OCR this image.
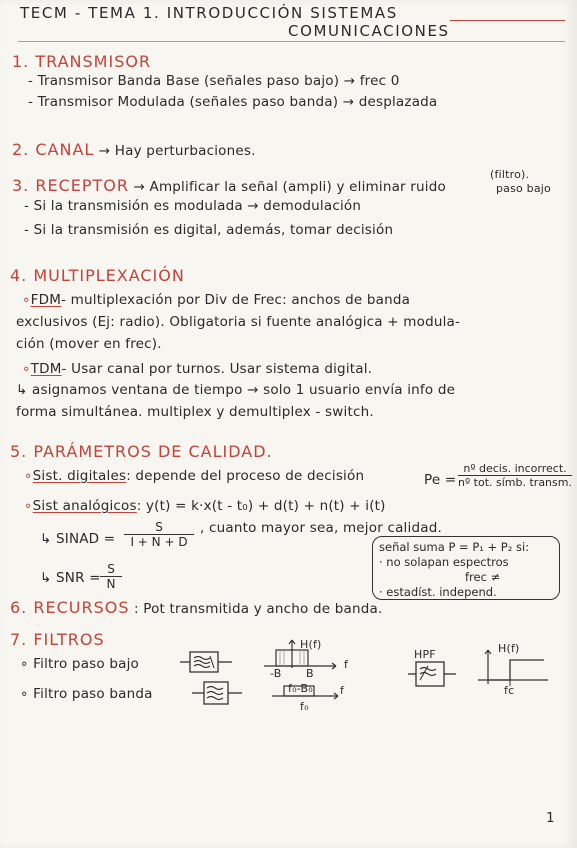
TECM - TEMA 1. INTRODUCCIÓN SISTEMAS
COMUNICACIONES
1. TRANSMISOR
- Transmisor Banda Base (señales paso bajo) → frec 0
- Transmisor Modulada (señales paso banda) → desplazada
2. CANAL → Hay perturbaciones.
3. RECEPTOR → Amplificar la señal (ampli) y eliminar ruido
(filtro).
paso bajo
- Si la transmisión es modulada → demodulación
- Si la transmisión es digital, además, tomar decisión
4. MULTIPLEXACIÓN
∘FDM- multiplexación por Div de Frec: anchos de banda
exclusivos (Ej: radio). Obligatoria si fuente analógica + modula-
ción (mover en frec).
∘TDM- Usar canal por turnos. Usar sistema digital.
↳ asignamos ventana de tiempo → solo 1 usuario envía info de
forma simultánea. multiplex y demultiplex - switch.
5. PARÁMETROS DE CALIDAD.
∘Sist. digitales: depende del proceso de decisión	Pe =
nº decis. incorrect.
nº tot. símb. transm.
∘Sist analógicos: y(t) = k·x(t - t₀) + d(t) + n(t) + i(t)
↳ SINAD = $\frac{S}{I + N + D}$ , cuanto mayor sea, mejor calidad.
↳ SNR = $\frac{S}{N}$
señal suma P = P₁ + P₂ si:
· no solapan espectros
frec ≠
· estadíst. independ.
6. RECURSOS : Pot transmitida y ancho de banda.
7. FILTROS
∘ Filtro paso bajo
∘ Filtro paso banda
H(f)
-B B
f
f₀-B₀ f
f₀
HPF	H(f)
fc
1
